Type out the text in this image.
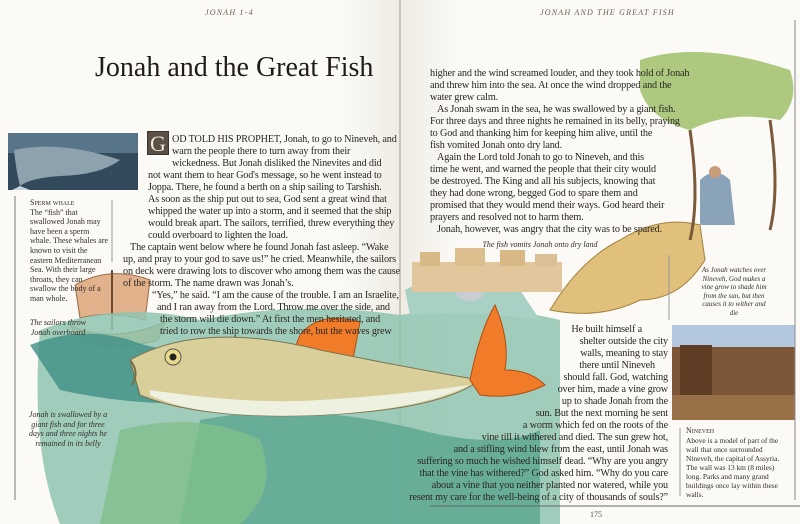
JONAH 1-4
Jonah and the Great Fish
G OD TOLD HIS PROPHET, Jonah, to go to Nineveh, and
warn the people there to turn away from their
wickedness. But Jonah disliked the Ninevites and did
not want them to hear God's message, so he went instead to
Joppa. There, he found a berth on a ship sailing to Tarshish.
As soon as the ship put out to sea, God sent a great wind that
whipped the water up into a storm, and it seemed that the ship
would break apart. The sailors, terrified, threw everything they
could overboard to lighten the load.
The captain went below where he found Jonah fast asleep. “Wake
up, and pray to your god to save us!” he cried. Meanwhile, the sailors
on deck were drawing lots to discover who among them was the cause
of the storm. The name drawn was Jonah’s.
“Yes,” he said. “I am the cause of the trouble. I am an Israelite,
and I ran away from the Lord. Throw me over the side, and
the storm will die down.” At first the men hesitated, and
tried to row the ship towards the shore, but the waves grew
Sperm whale
The “fish” that swallowed Jonah may have been a sperm whale. These whales are known to visit the eastern Mediterranean Sea. With their large throats, they can swallow the body of a man whole.
The sailors throw Jonah overboard
Jonah is swallowed by a giant fish and for three days and three nights he remained in its belly
JONAH AND THE GREAT FISH
higher and the wind screamed louder, and they took hold of Jonah
and threw him into the sea. At once the wind dropped and the
water grew calm.
As Jonah swam in the sea, he was swallowed by a giant fish.
For three days and three nights he remained in its belly, praying
to God and thanking him for keeping him alive, until the
fish vomited Jonah onto dry land.
Again the Lord told Jonah to go to Nineveh, and this
time he went, and warned the people that their city would
be destroyed. The King and all his subjects, knowing that
they had done wrong, begged God to spare them and
promised that they would mend their ways. God heard their
prayers and resolved not to harm them.
Jonah, however, was angry that the city was to be spared.
The fish vomits Jonah onto dry land
As Jonah watches over Nineveh, God makes a vine grow to shade him from the sun, but then causes it to wither and die
He built himself a
shelter outside the city
walls, meaning to stay
there until Nineveh
should fall. God, watching
over him, made a vine grow
up to shade Jonah from the
sun. But the next morning he sent
a worm which fed on the roots of the
vine till it withered and died. The sun grew hot,
and a stifling wind blew from the east, until Jonah was
suffering so much he wished himself dead. “Why are you angry
that the vine has withered?” God asked him. “Why do you care
about a vine that you neither planted nor watered, while you
resent my care for the well-being of a city of thousands of souls?”
Nineveh
Above is a model of part of the wall that once surrounded Nineveh, the capital of Assyria. The wall was 13 km (8 miles) long. Parks and many grand buildings once lay within these walls.
175
